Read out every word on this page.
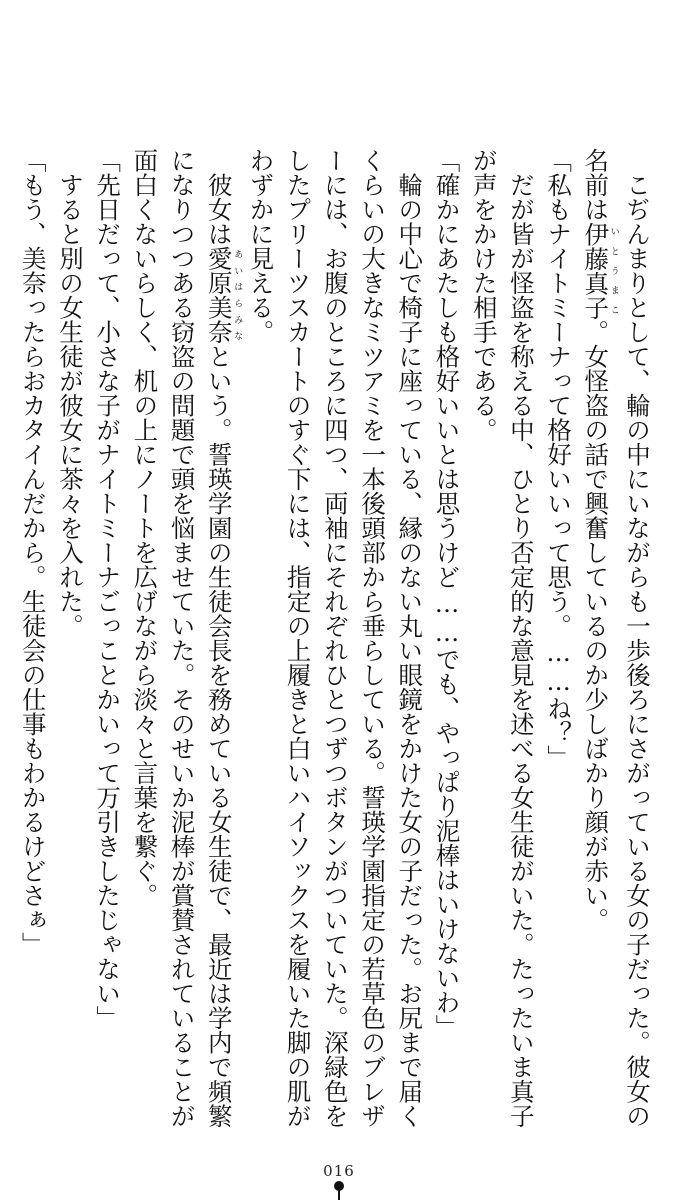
　こぢんまりとして、輪の中にいながらも一歩後ろにさがっている女の子だった。彼女の
名前は伊藤真子いとうまこ。女怪盗の話で興奮しているのか少しばかり顔が赤い。
「私もナイトミーナって格好いいって思う。……ね？」
　だが皆が怪盗を称える中、ひとり否定的な意見を述べる女生徒がいた。たったいま真子
が声をかけた相手である。
「確かにあたしも格好いいとは思うけど……でも、やっぱり泥棒はいけないわ」
　輪の中心で椅子に座っている、縁のない丸い眼鏡をかけた女の子だった。お尻まで届く
くらいの大きなミツアミを一本後頭部から垂らしている。誓瑛学園指定の若草色のブレザ
ーには、お腹のところに四つ、両袖にそれぞれひとつずつボタンがついていた。深緑色を
したプリーツスカートのすぐ下には、指定の上履きと白いハイソックスを履いた脚の肌が
わずかに見える。
　彼女は愛原美奈あいはらみなという。誓瑛学園の生徒会長を務めている女生徒で、最近は学内で頻繁
になりつつある窃盗の問題で頭を悩ませていた。そのせいか泥棒が賞賛されていることが
面白くないらしく、机の上にノートを広げながら淡々と言葉を繋ぐ。
「先日だって、小さな子がナイトミーナごっことかいって万引きしたじゃない」
　すると別の女生徒が彼女に茶々を入れた。
「もう、美奈ったらおカタイんだから。生徒会の仕事もわかるけどさぁ」
016
